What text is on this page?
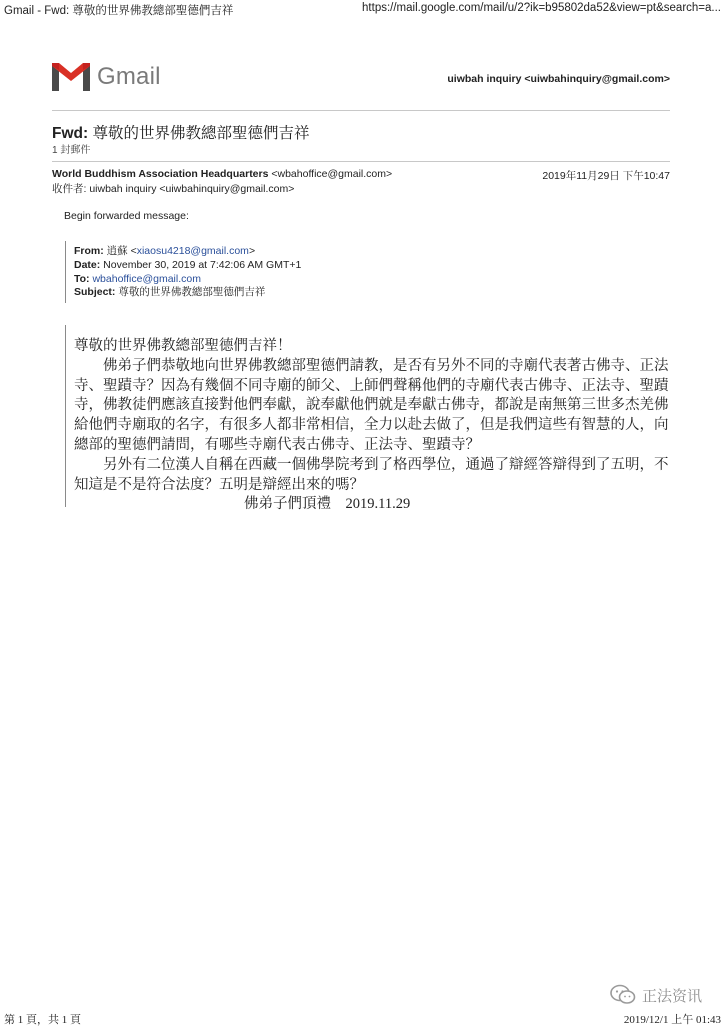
Gmail - Fwd: 尊敬的世界佛教總部聖德們吉祥	https://mail.google.com/mail/u/2?ik=b95802da52&view=pt&search=a...
Gmail	uiwbah inquiry <uiwbahinquiry@gmail.com>
Fwd: 尊敬的世界佛教總部聖德們吉祥
1 封郵件
World Buddhism Association Headquarters <wbahoffice@gmail.com>	2019年11月29日 下午10:47
收件者: uiwbah inquiry <uiwbahinquiry@gmail.com>
Begin forwarded message:
From: 逍蘇 <xiaosu4218@gmail.com>
Date: November 30, 2019 at 7:42:06 AM GMT+1
To: wbahoffice@gmail.com
Subject: 尊敬的世界佛教總部聖德們吉祥

尊敬的世界佛教總部聖德們吉祥！

佛弟子們恭敬地向世界佛教總部聖德們請教，是否有另外不同的寺廟代表著古佛寺、正法寺、聖蹟寺？因為有幾個不同寺廟的師父、上師們聲稱他們的寺廟代表古佛寺、正法寺、聖蹟寺，佛教徒們應該直接對他們奉獻，說奉獻他們就是奉獻古佛寺，都說是南無第三世多杰羌佛給他們寺廟取的名字，有很多人都非常相信，全力以赴去做了，但是我們這些有智慧的人，向總部的聖德們請問，有哪些寺廟代表古佛寺、正法寺、聖蹟寺？

另外有二位漢人自稱在西藏一個佛學院考到了格西學位，通過了辯經答辯得到了五明，不知這是不是符合法度？五明是辯經出來的嗎？

佛弟子們頂禮　2019.11.29

正法资讯
第 1 頁，共 1 頁	2019/12/1 上午 01:43
